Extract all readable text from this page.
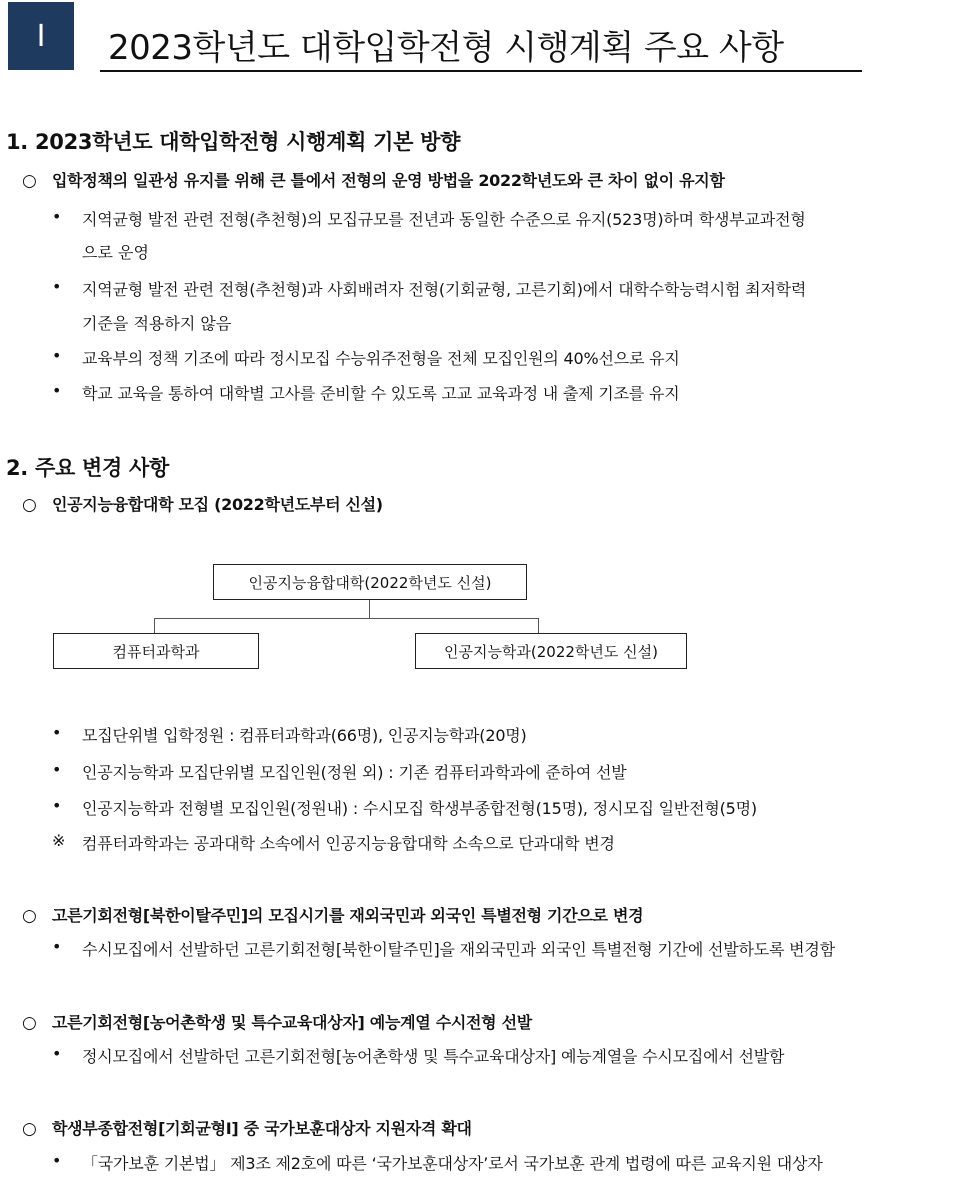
I	2023학년도 대학입학전형 시행계획 주요 사항
1. 2023학년도 대학입학전형 시행계획 기본 방향
○ 입학정책의 일관성 유지를 위해 큰 틀에서 전형의 운영 방법을 2022학년도와 큰 차이 없이 유지함
• 지역균형 발전 관련 전형(추천형)의 모집규모를 전년과 동일한 수준으로 유지(523명)하며 학생부교과전형
으로 운영
• 지역균형 발전 관련 전형(추천형)과 사회배려자 전형(기회균형, 고른기회)에서 대학수학능력시험 최저학력
기준을 적용하지 않음
• 교육부의 정책 기조에 따라 정시모집 수능위주전형을 전체 모집인원의 40%선으로 유지
• 학교 교육을 통하여 대학별 고사를 준비할 수 있도록 고교 교육과정 내 출제 기조를 유지
2. 주요 변경 사항
○ 인공지능융합대학 모집 (2022학년도부터 신설)
인공지능융합대학(2022학년도 신설)
컴퓨터과학과	인공지능학과(2022학년도 신설)
• 모집단위별 입학정원 : 컴퓨터과학과(66명), 인공지능학과(20명)
• 인공지능학과 모집단위별 모집인원(정원 외) : 기존 컴퓨터과학과에 준하여 선발
• 인공지능학과 전형별 모집인원(정원내) : 수시모집 학생부종합전형(15명), 정시모집 일반전형(5명)
※	컴퓨터과학과는 공과대학 소속에서 인공지능융합대학 소속으로 단과대학 변경
○ 고른기회전형[북한이탈주민]의 모집시기를 재외국민과 외국인 특별전형 기간으로 변경
• 수시모집에서 선발하던 고른기회전형[북한이탈주민]을 재외국민과 외국인 특별전형 기간에 선발하도록 변경함
○ 고른기회전형[농어촌학생 및 특수교육대상자] 예능계열 수시전형 선발
• 정시모집에서 선발하던 고른기회전형[농어촌학생 및 특수교육대상자] 예능계열을 수시모집에서 선발함
○ 학생부종합전형[기회균형Ⅰ] 중 국가보훈대상자 지원자격 확대
• 「국가보훈 기본법」 제3조 제2호에 따른 ‘국가보훈대상자’로서 국가보훈 관계 법령에 따른 교육지원 대상자
